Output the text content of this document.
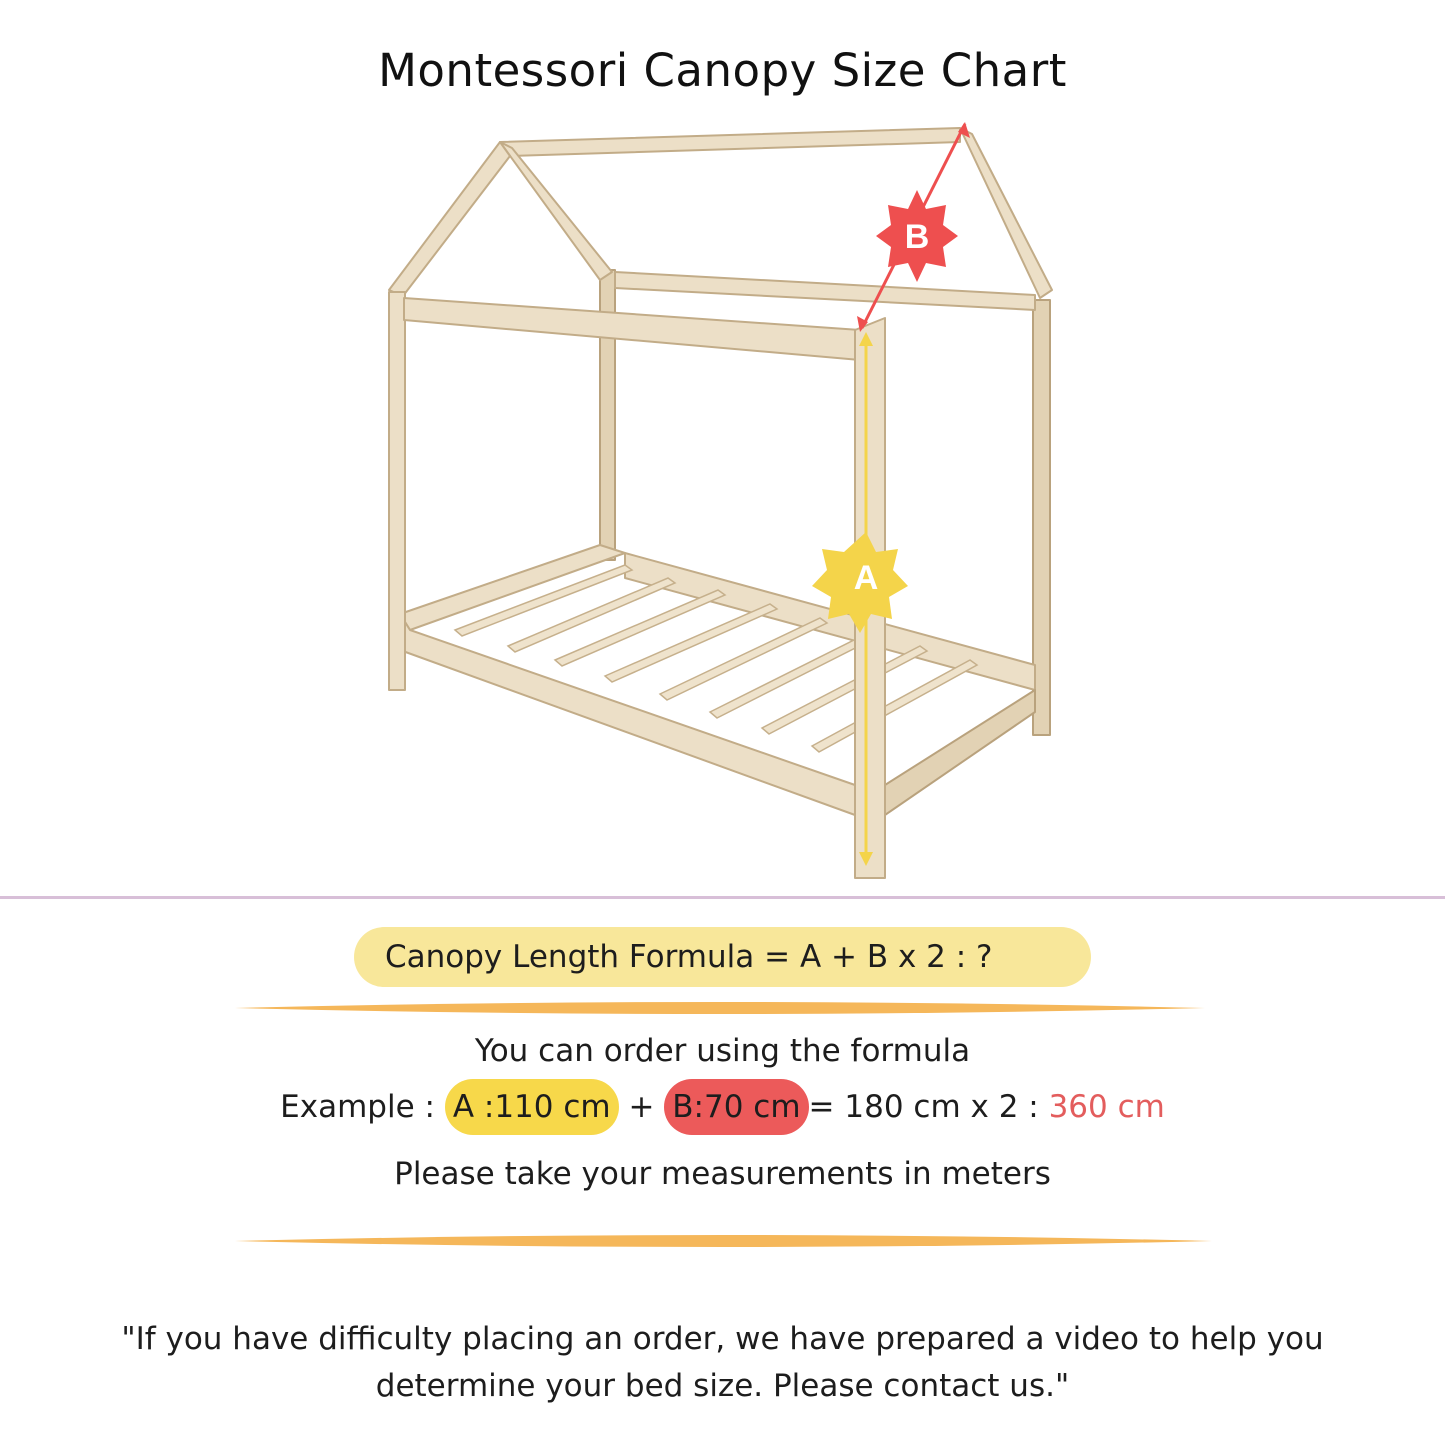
Montessori Canopy Size Chart
B
A
Canopy Length Formula = A + B x 2 : ?
You can order using the formula
Example : A :110 cm + B:70 cm = 180 cm x 2 : 360 cm
Please take your measurements in meters
"If you have difficulty placing an order, we have prepared a video to help you determine your bed size. Please contact us."
